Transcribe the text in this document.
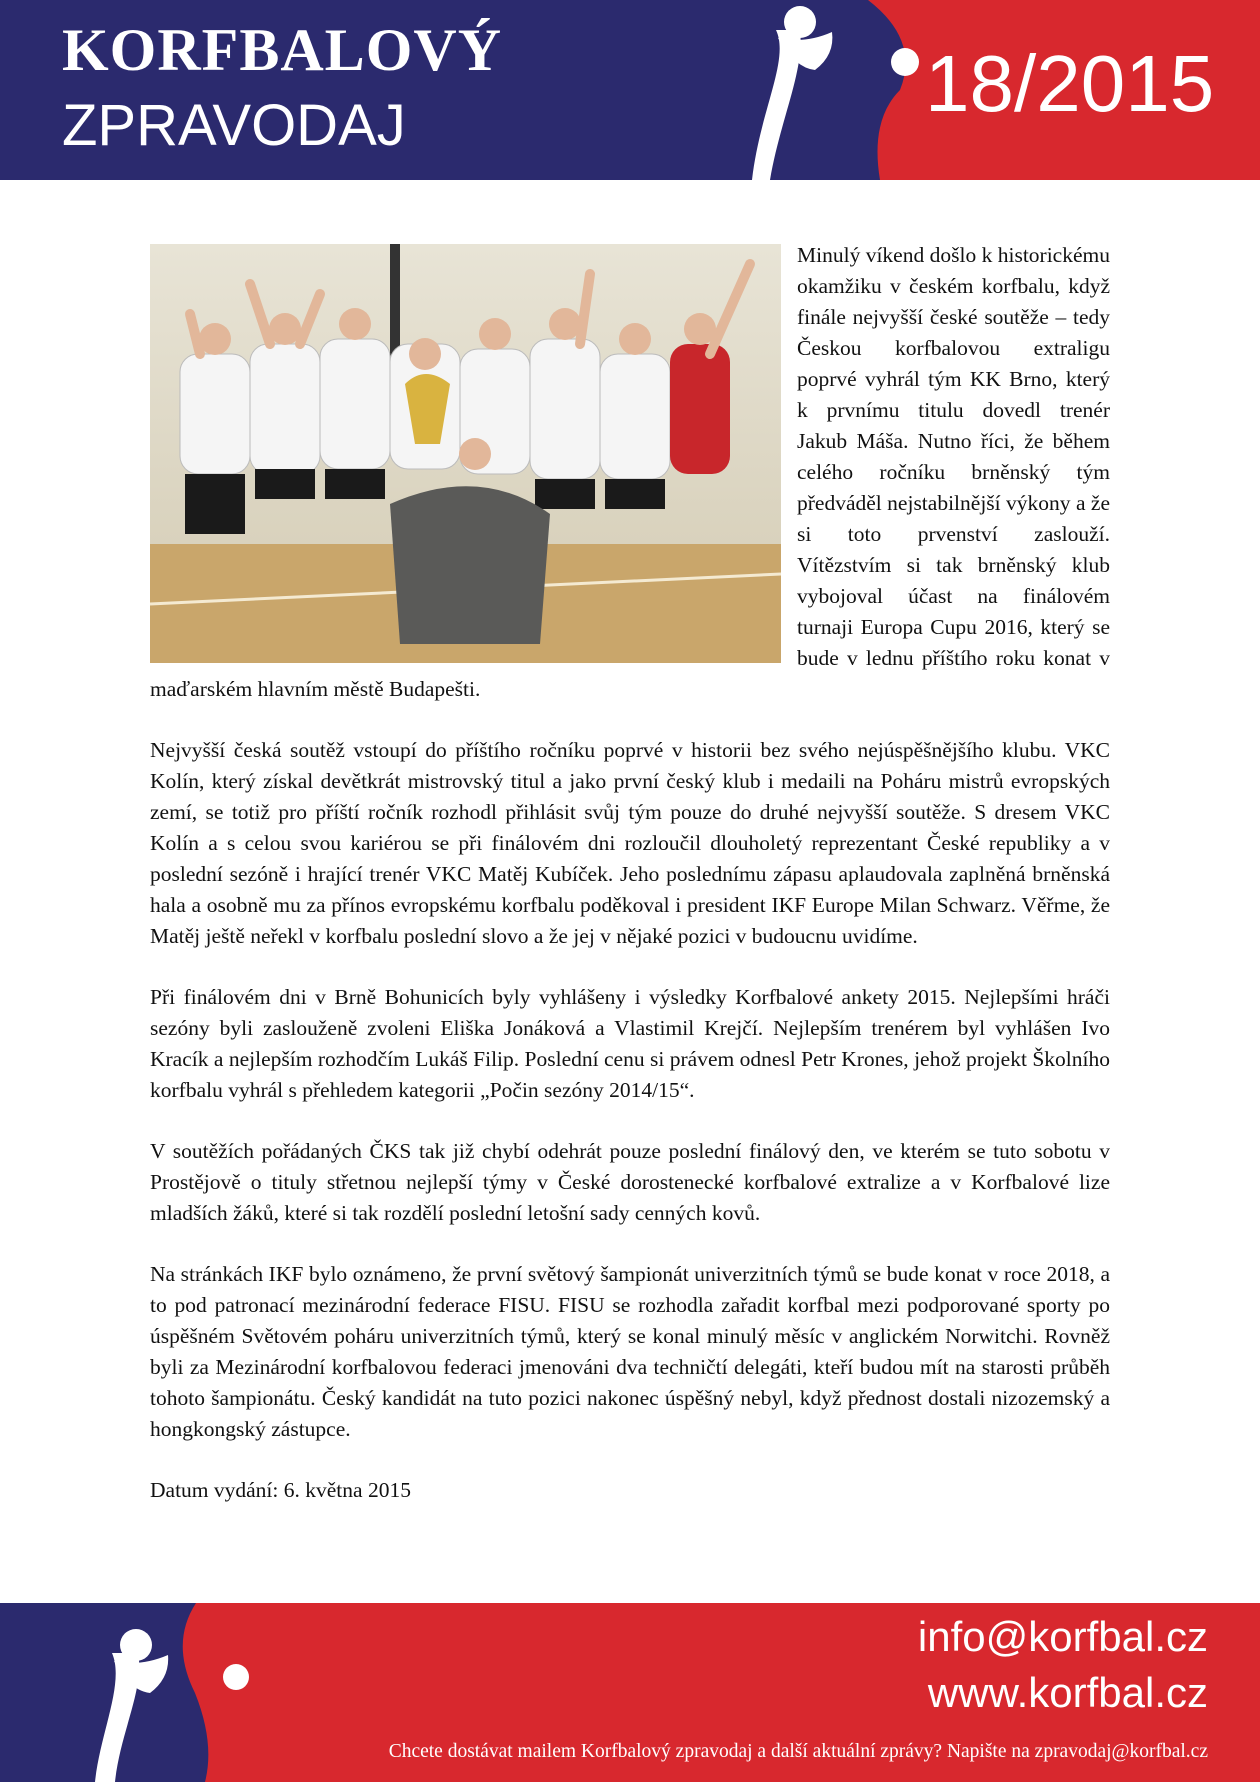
KORFBALOVÝ
ZPRAVODAJ	18/2015

Minulý víkend došlo k historickému okamžiku v českém korfbalu, když finále nejvyšší české soutěže – tedy Českou korfbalovou extraligu poprvé vyhrál tým KK Brno, který k prvnímu titulu dovedl trenér Jakub Máša. Nutno říci, že během celého ročníku brněnský tým předváděl nejstabilnější výkony a že si toto prvenství zaslouží. Vítězstvím si tak brněnský klub vybojoval účast na finálovém turnaji Europa Cupu 2016, který se bude v lednu příštího roku konat v maďarském hlavním městě Budapešti.

Nejvyšší česká soutěž vstoupí do příštího ročníku poprvé v historii bez svého nejúspěšnějšího klubu. VKC Kolín, který získal devětkrát mistrovský titul a jako první český klub i medaili na Poháru mistrů evropských zemí, se totiž pro příští ročník rozhodl přihlásit svůj tým pouze do druhé nejvyšší soutěže. S dresem VKC Kolín a s celou svou kariérou se při finálovém dni rozloučil dlouholetý reprezentant České republiky a v poslední sezóně i hrající trenér VKC Matěj Kubíček. Jeho poslednímu zápasu aplaudovala zaplněná brněnská hala a osobně mu za přínos evropskému korfbalu poděkoval i president IKF Europe Milan Schwarz. Věřme, že Matěj ještě neřekl v korfbalu poslední slovo a že jej v nějaké pozici v budoucnu uvidíme.

Při finálovém dni v Brně Bohunicích byly vyhlášeny i výsledky Korfbalové ankety 2015. Nejlepšími hráči sezóny byli zaslouženě zvoleni Eliška Jonáková a Vlastimil Krejčí. Nejlepším trenérem byl vyhlášen Ivo Kracík a nejlepším rozhodčím Lukáš Filip. Poslední cenu si právem odnesl Petr Krones, jehož projekt Školního korfbalu vyhrál s přehledem kategorii „Počin sezóny 2014/15“.

V soutěžích pořádaných ČKS tak již chybí odehrát pouze poslední finálový den, ve kterém se tuto sobotu v Prostějově o tituly střetnou nejlepší týmy v České dorostenecké korfbalové extralize a v Korfbalové lize mladších žáků, které si tak rozdělí poslední letošní sady cenných kovů.

Na stránkách IKF bylo oznámeno, že první světový šampionát univerzitních týmů se bude konat v roce 2018, a to pod patronací mezinárodní federace FISU. FISU se rozhodla zařadit korfbal mezi podporované sporty po úspěšném Světovém poháru univerzitních týmů, který se konal minulý měsíc v anglickém Norwitchi. Rovněž byli za Mezinárodní korfbalovou federaci jmenováni dva techničtí delegáti, kteří budou mít na starosti průběh tohoto šampionátu. Český kandidát na tuto pozici nakonec úspěšný nebyl, když přednost dostali nizozemský a hongkongský zástupce.

Datum vydání: 6. května 2015

info@korfbal.cz
www.korfbal.cz
Chcete dostávat mailem Korfbalový zpravodaj a další aktuální zprávy? Napište na zpravodaj@korfbal.cz
